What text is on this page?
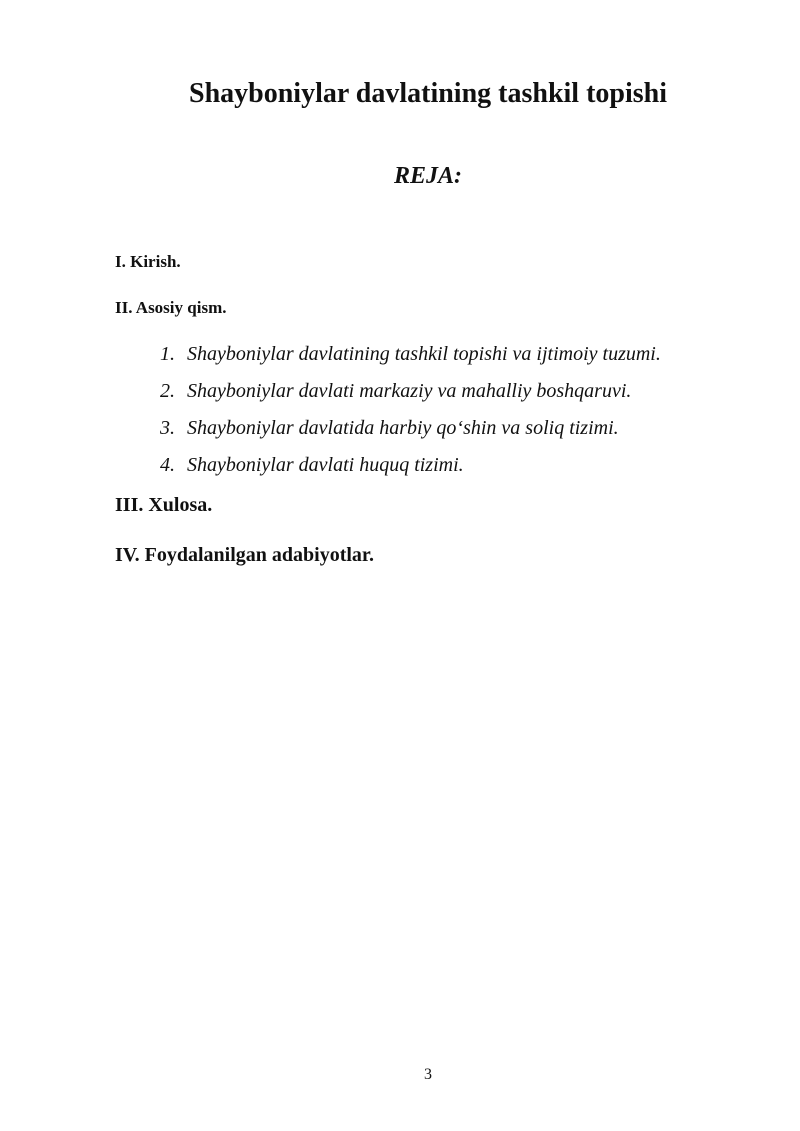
Shayboniylar davlatining tashkil topishi
REJA:

I. Kirish.

II. Asosiy qism.

1. Shayboniylar davlatining tashkil topishi va ijtimoiy tuzumi.
2. Shayboniylar davlati markaziy va mahalliy boshqaruvi.
3. Shayboniylar davlatida harbiy qo‘shin va soliq tizimi.
4. Shayboniylar davlati huquq tizimi.

III. Xulosa.

IV. Foydalanilgan adabiyotlar.

3
